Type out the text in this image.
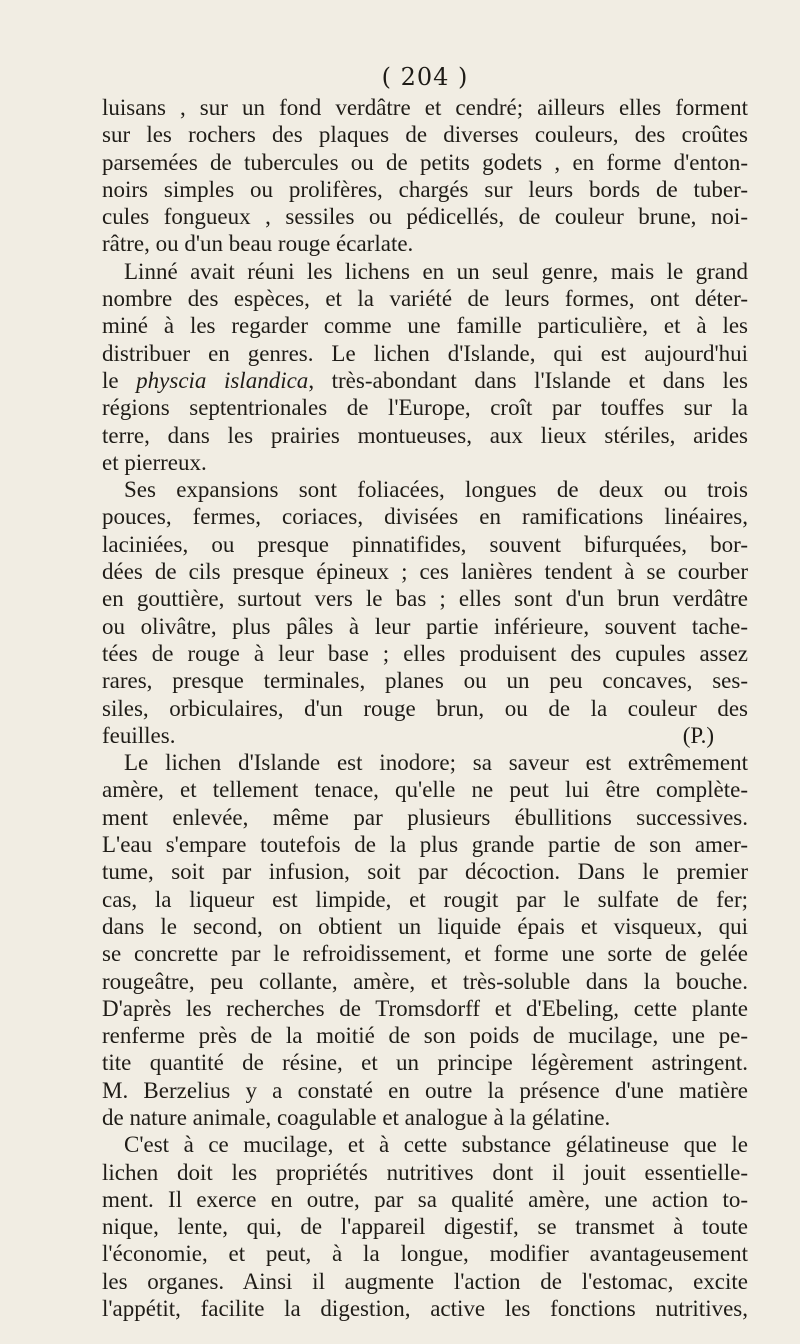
( 204 )
luisans , sur un fond verdâtre et cendré; ailleurs elles forment
sur les rochers des plaques de diverses couleurs, des croûtes
parsemées de tubercules ou de petits godets , en forme d'enton-
noirs simples ou prolifères, chargés sur leurs bords de tuber-
cules fongueux , sessiles ou pédicellés, de couleur brune, noi-
râtre, ou d'un beau rouge écarlate.
Linné avait réuni les lichens en un seul genre, mais le grand
nombre des espèces, et la variété de leurs formes, ont déter-
miné à les regarder comme une famille particulière, et à les
distribuer en genres. Le lichen d'Islande, qui est aujourd'hui
le physcia islandica, très-abondant dans l'Islande et dans les
régions septentrionales de l'Europe, croît par touffes sur la
terre, dans les prairies montueuses, aux lieux stériles, arides
et pierreux.
Ses expansions sont foliacées, longues de deux ou trois
pouces, fermes, coriaces, divisées en ramifications linéaires,
laciniées, ou presque pinnatifides, souvent bifurquées, bor-
dées de cils presque épineux ; ces lanières tendent à se courber
en gouttière, surtout vers le bas ; elles sont d'un brun verdâtre
ou olivâtre, plus pâles à leur partie inférieure, souvent tache-
tées de rouge à leur base ; elles produisent des cupules assez
rares, presque terminales, planes ou un peu concaves, ses-
siles, orbiculaires, d'un rouge brun, ou de la couleur des
feuilles.	(P.)
Le lichen d'Islande est inodore; sa saveur est extrêmement
amère, et tellement tenace, qu'elle ne peut lui être complète-
ment enlevée, même par plusieurs ébullitions successives.
L'eau s'empare toutefois de la plus grande partie de son amer-
tume, soit par infusion, soit par décoction. Dans le premier
cas, la liqueur est limpide, et rougit par le sulfate de fer;
dans le second, on obtient un liquide épais et visqueux, qui
se concrette par le refroidissement, et forme une sorte de gelée
rougeâtre, peu collante, amère, et très-soluble dans la bouche.
D'après les recherches de Tromsdorff et d'Ebeling, cette plante
renferme près de la moitié de son poids de mucilage, une pe-
tite quantité de résine, et un principe légèrement astringent.
M. Berzelius y a constaté en outre la présence d'une matière
de nature animale, coagulable et analogue à la gélatine.
C'est à ce mucilage, et à cette substance gélatineuse que le
lichen doit les propriétés nutritives dont il jouit essentielle-
ment. Il exerce en outre, par sa qualité amère, une action to-
nique, lente, qui, de l'appareil digestif, se transmet à toute
l'économie, et peut, à la longue, modifier avantageusement
les organes. Ainsi il augmente l'action de l'estomac, excite
l'appétit, facilite la digestion, active les fonctions nutritives,
